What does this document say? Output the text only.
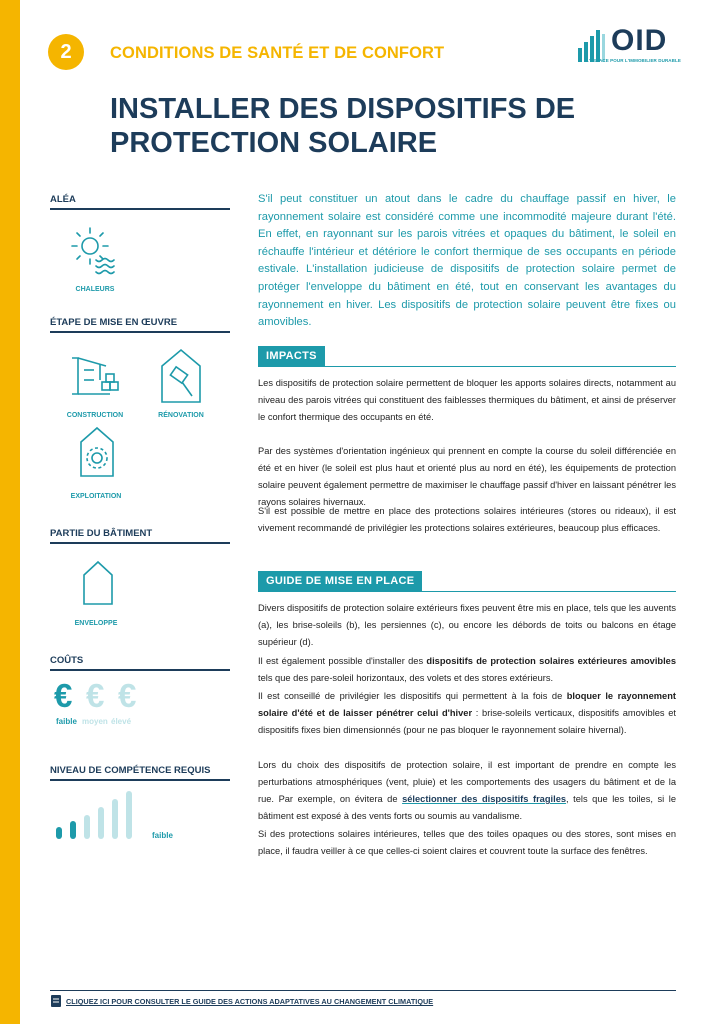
2	CONDITIONS DE SANTÉ ET DE CONFORT	OID
L'ESPACE POUR L'IMMOBILIER DURABLE
INSTALLER DES DISPOSITIFS DE PROTECTION SOLAIRE
ALÉA
CHALEURS
ÉTAPE DE MISE EN ŒUVRE
CONSTRUCTION	RÉNOVATION
EXPLOITATION
PARTIE DU BÂTIMENT
ENVELOPPE
COÛTS
€ € €
faible moyen élevé
NIVEAU DE COMPÉTENCE REQUIS
faible

S'il peut constituer un atout dans le cadre du chauffage passif en hiver, le rayonnement solaire est considéré comme une incommodité majeure durant l'été. En effet, en rayonnant sur les parois vitrées et opaques du bâtiment, le soleil en réchauffe l'intérieur et détériore le confort thermique de ses occupants en période estivale. L'installation judicieuse de dispositifs de protection solaire permet de protéger l'enveloppe du bâtiment en été, tout en conservant les avantages du rayonnement en hiver. Les dispositifs de protection solaire peuvent être fixes ou amovibles.

IMPACTS

Les dispositifs de protection solaire permettent de bloquer les apports solaires directs, notamment au niveau des parois vitrées qui constituent des faiblesses thermiques du bâtiment, et ainsi de préserver le confort thermique des occupants en été.

Par des systèmes d'orientation ingénieux qui prennent en compte la course du soleil différenciée en été et en hiver (le soleil est plus haut et orienté plus au nord en été), les équipements de protection solaire peuvent également permettre de maximiser le chauffage passif d'hiver en laissant pénétrer les rayons solaires hivernaux.

S'il est possible de mettre en place des protections solaires intérieures (stores ou rideaux), il est vivement recommandé de privilégier les protections solaires extérieures, beaucoup plus efficaces.

GUIDE DE MISE EN PLACE

Divers dispositifs de protection solaire extérieurs fixes peuvent être mis en place, tels que les auvents (a), les brise-soleils (b), les persiennes (c), ou encore les débords de toits ou balcons en étage supérieur (d).

Il est également possible d'installer des dispositifs de protection solaires extérieures amovibles tels que des pare-soleil horizontaux, des volets et des stores extérieurs.

Il est conseillé de privilégier les dispositifs qui permettent à la fois de bloquer le rayonnement solaire d'été et de laisser pénétrer celui d'hiver : brise-soleils verticaux, dispositifs amovibles et dispositifs fixes bien dimensionnés (pour ne pas bloquer le rayonnement solaire hivernal).

Lors du choix des dispositifs de protection solaire, il est important de prendre en compte les perturbations atmosphériques (vent, pluie) et les comportements des usagers du bâtiment et de la rue. Par exemple, on évitera de sélectionner des dispositifs fragiles, tels que les toiles, si le bâtiment est exposé à des vents forts ou soumis au vandalisme.

Si des protections solaires intérieures, telles que des toiles opaques ou des stores, sont mises en place, il faudra veiller à ce que celles-ci soient claires et couvrent toute la surface des fenêtres.

CLIQUEZ ICI POUR CONSULTER LE GUIDE DES ACTIONS ADAPTATIVES AU CHANGEMENT CLIMATIQUE
